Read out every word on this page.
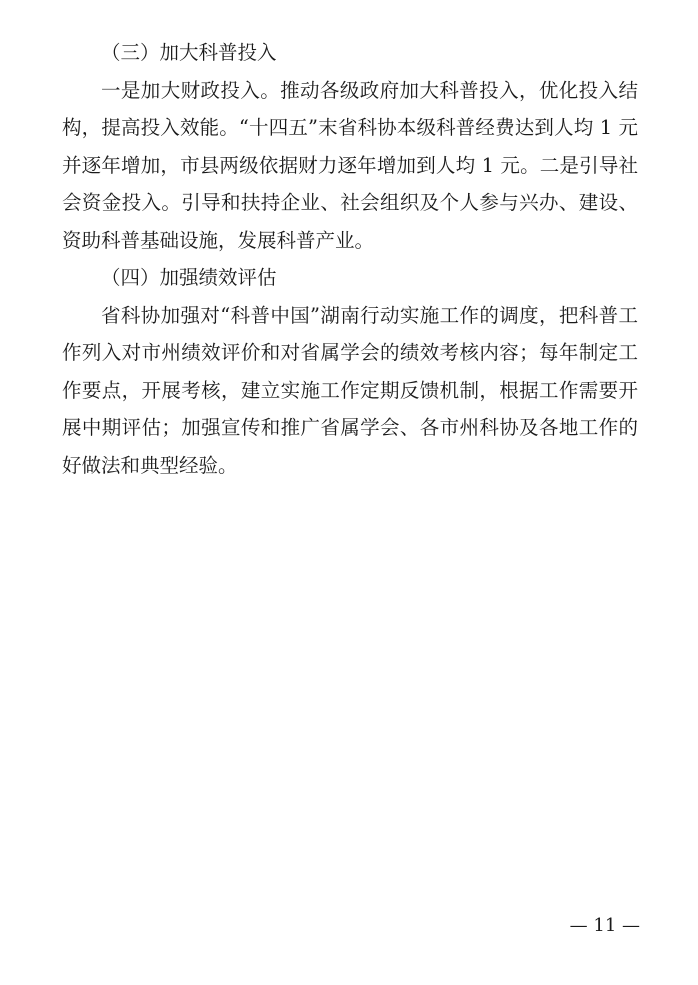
（三）加大科普投入

一是加大财政投入。推动各级政府加大科普投入，优化投入结构，提高投入效能。“十四五”末省科协本级科普经费达到人均 1 元并逐年增加，市县两级依据财力逐年增加到人均 1 元。二是引导社会资金投入。引导和扶持企业、社会组织及个人参与兴办、建设、资助科普基础设施，发展科普产业。

（四）加强绩效评估

省科协加强对“科普中国”湖南行动实施工作的调度，把科普工作列入对市州绩效评价和对省属学会的绩效考核内容；每年制定工作要点，开展考核，建立实施工作定期反馈机制，根据工作需要开展中期评估；加强宣传和推广省属学会、各市州科协及各地工作的好做法和典型经验。

— 11 —
